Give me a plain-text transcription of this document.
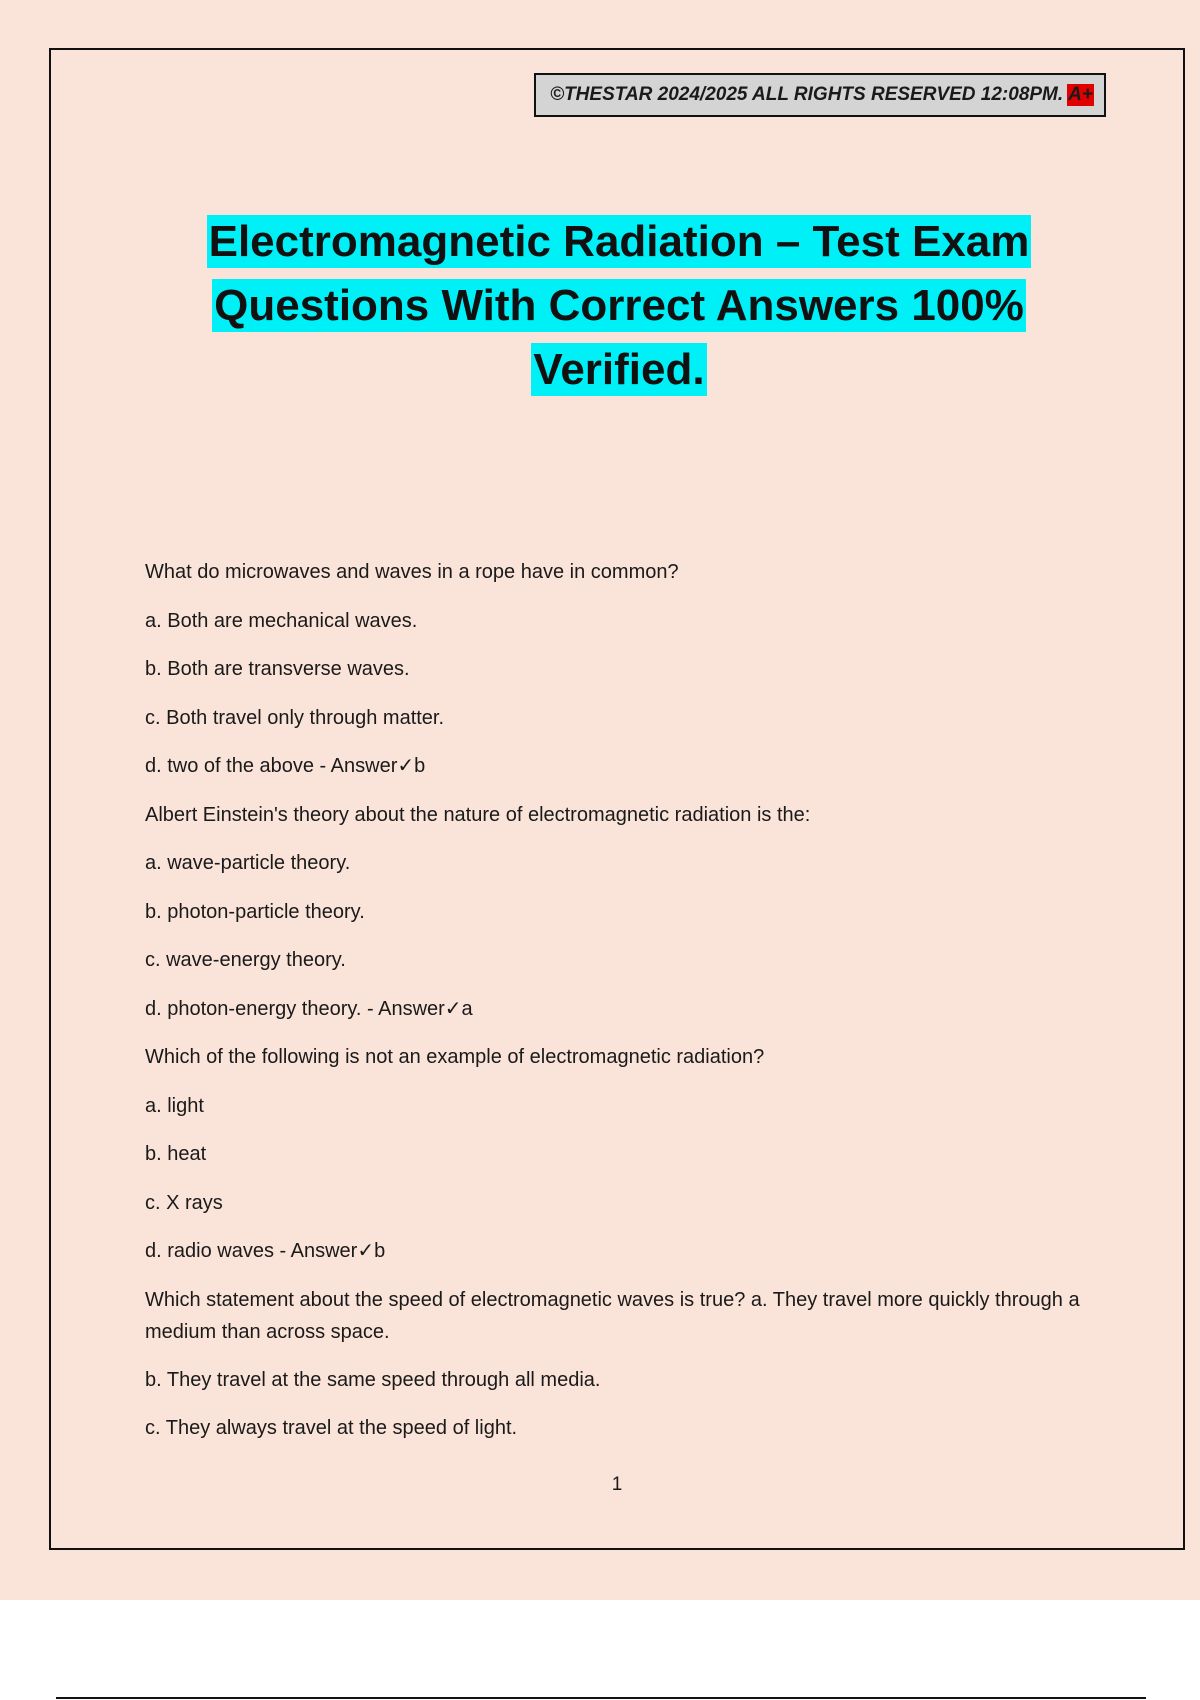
©THESTAR 2024/2025 ALL RIGHTS RESERVED 12:08PM. A+
Electromagnetic Radiation – Test Exam
Questions With Correct Answers 100%
Verified.
What do microwaves and waves in a rope have in common?
a. Both are mechanical waves.
b. Both are transverse waves.
c. Both travel only through matter.
d. two of the above - Answer✓b
Albert Einstein's theory about the nature of electromagnetic radiation is the:
a. wave-particle theory.
b. photon-particle theory.
c. wave-energy theory.
d. photon-energy theory. - Answer✓a
Which of the following is not an example of electromagnetic radiation?
a. light
b. heat
c. X rays
d. radio waves - Answer✓b
Which statement about the speed of electromagnetic waves is true? a. They travel more quickly through a medium than across space.
b. They travel at the same speed through all media.
c. They always travel at the speed of light.
1
